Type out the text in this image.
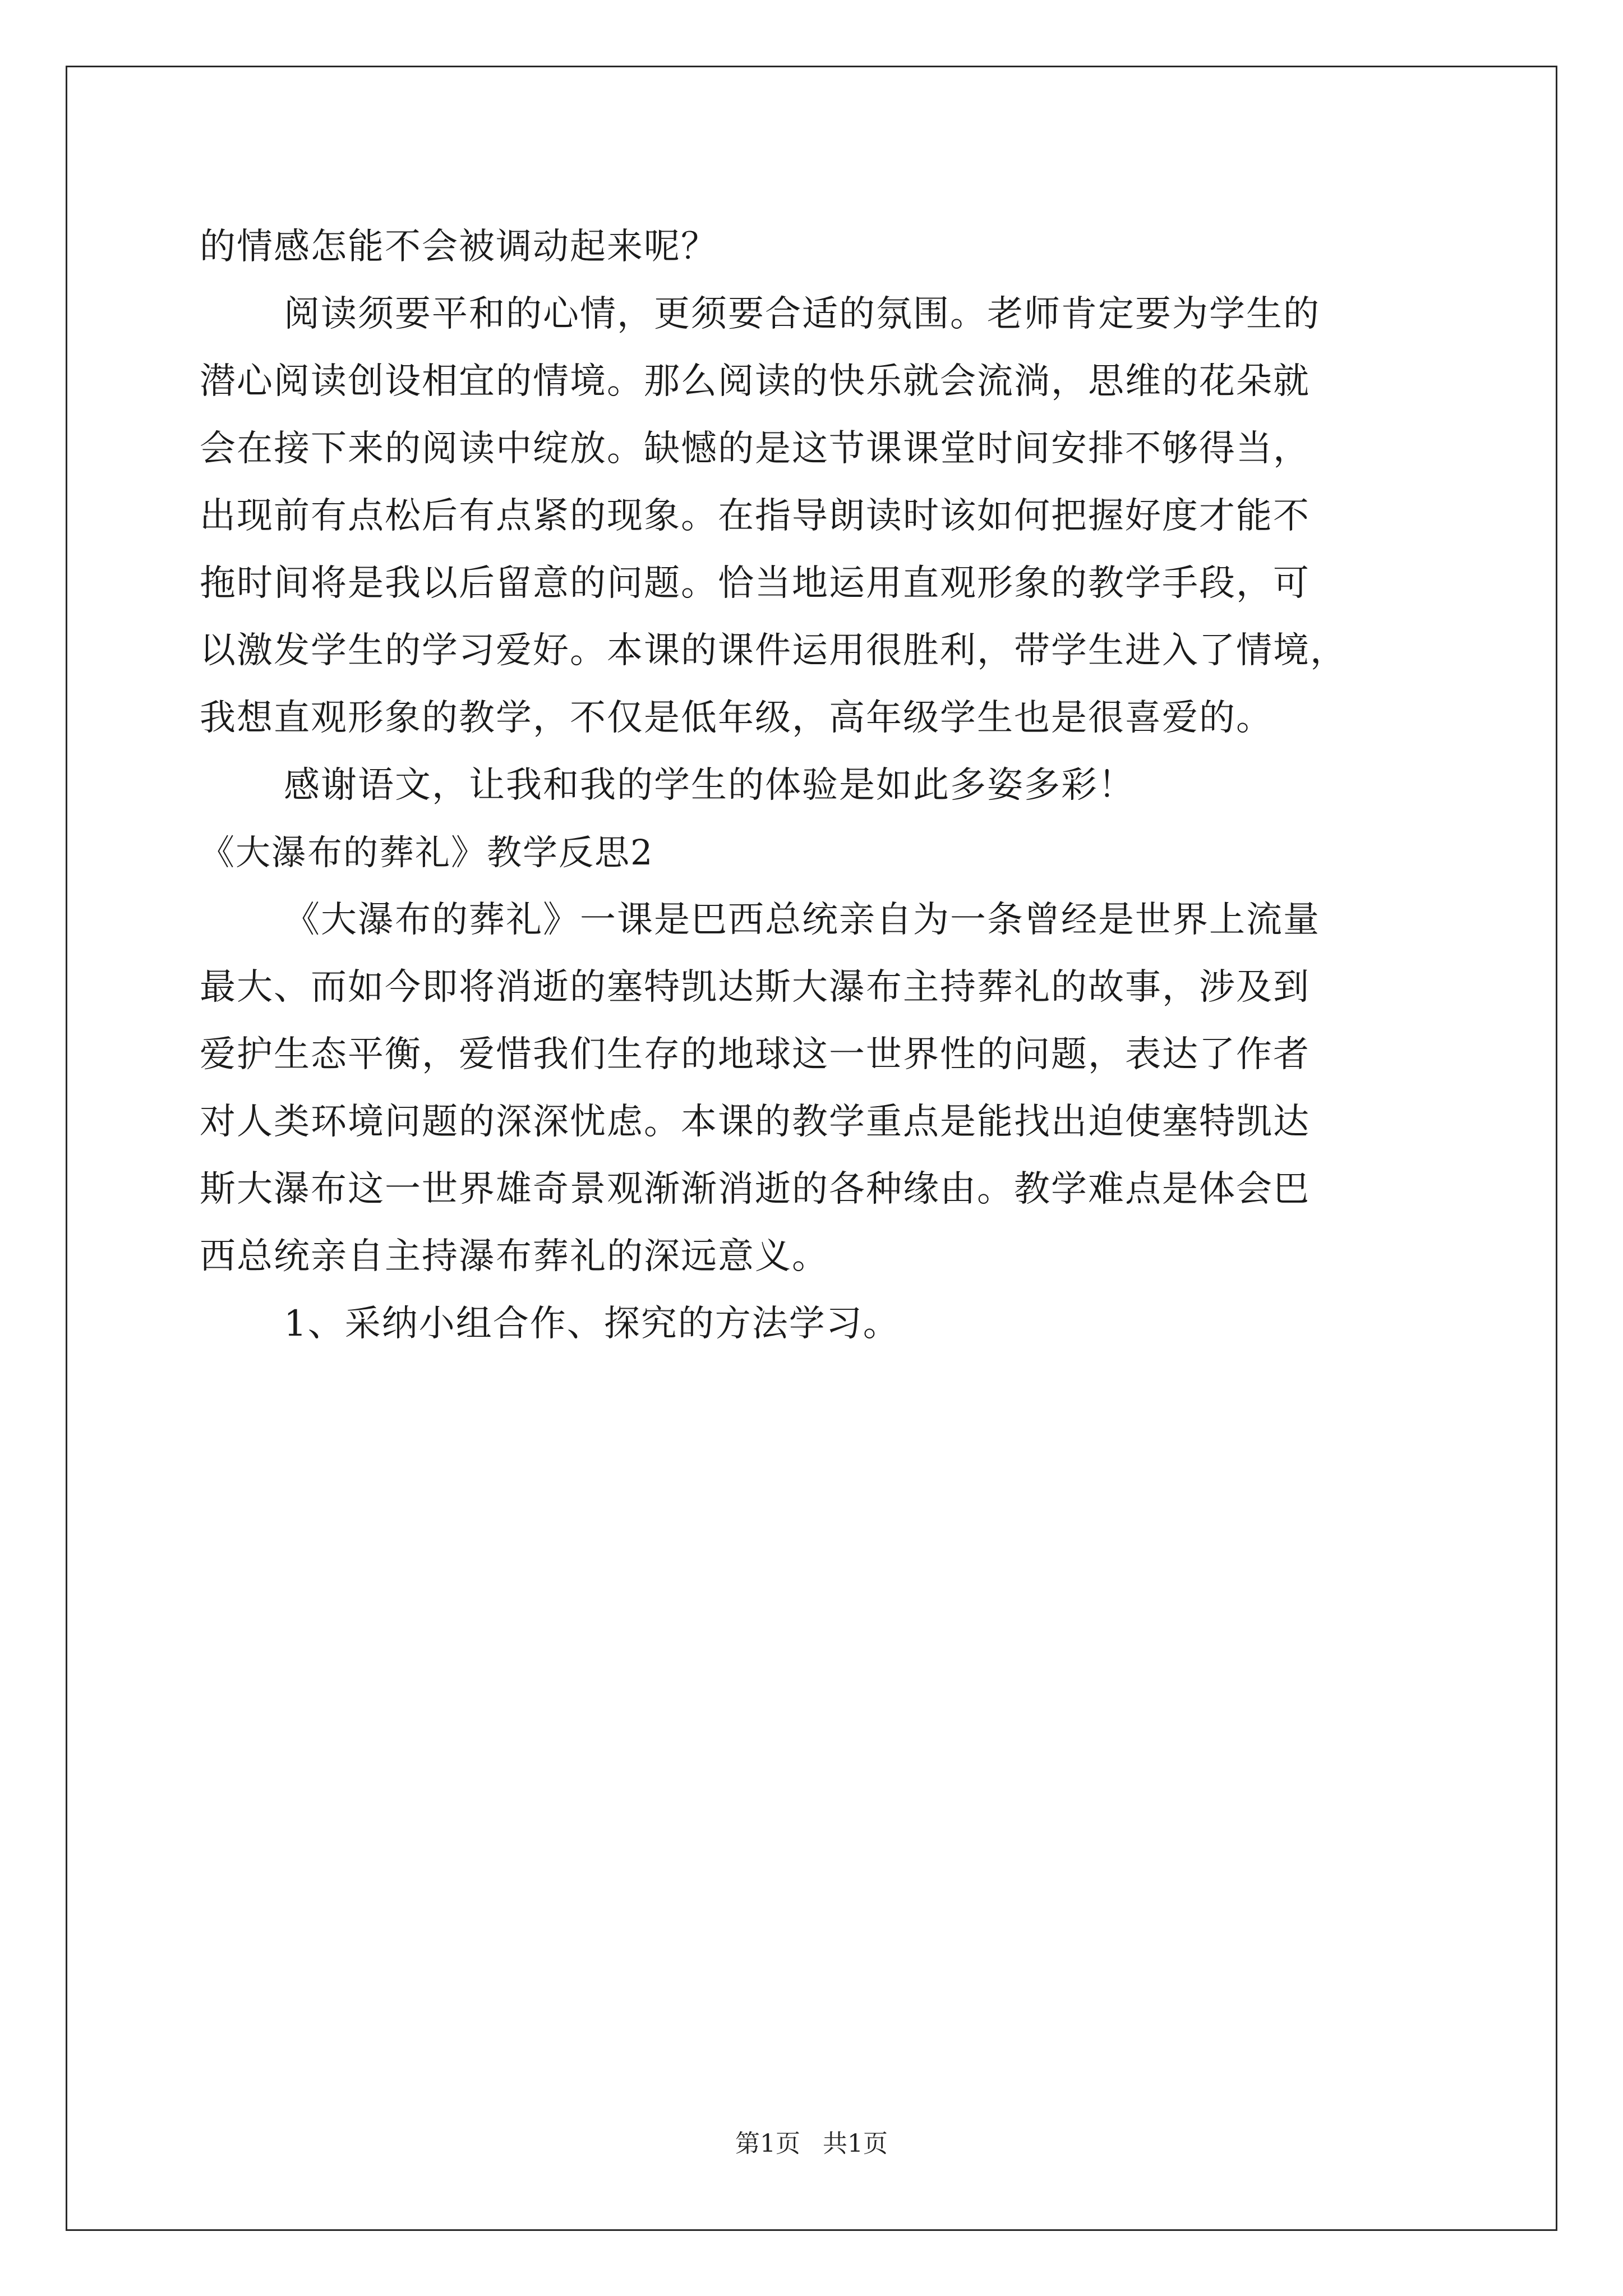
的情感怎能不会被调动起来呢？
阅读须要平和的心情，更须要合适的氛围。老师肯定要为学生的
潜心阅读创设相宜的情境。那么阅读的快乐就会流淌，思维的花朵就
会在接下来的阅读中绽放。缺憾的是这节课课堂时间安排不够得当，
出现前有点松后有点紧的现象。在指导朗读时该如何把握好度才能不
拖时间将是我以后留意的问题。恰当地运用直观形象的教学手段，可
以激发学生的学习爱好。本课的课件运用很胜利，带学生进入了情境，
我想直观形象的教学，不仅是低年级，高年级学生也是很喜爱的。
感谢语文，让我和我的学生的体验是如此多姿多彩！
《大瀑布的葬礼》教学反思2
《大瀑布的葬礼》一课是巴西总统亲自为一条曾经是世界上流量
最大、而如今即将消逝的塞特凯达斯大瀑布主持葬礼的故事，涉及到
爱护生态平衡，爱惜我们生存的地球这一世界性的问题，表达了作者
对人类环境问题的深深忧虑。本课的教学重点是能找出迫使塞特凯达
斯大瀑布这一世界雄奇景观渐渐消逝的各种缘由。教学难点是体会巴
西总统亲自主持瀑布葬礼的深远意义。
1、采纳小组合作、探究的方法学习。
第1页 共1页
